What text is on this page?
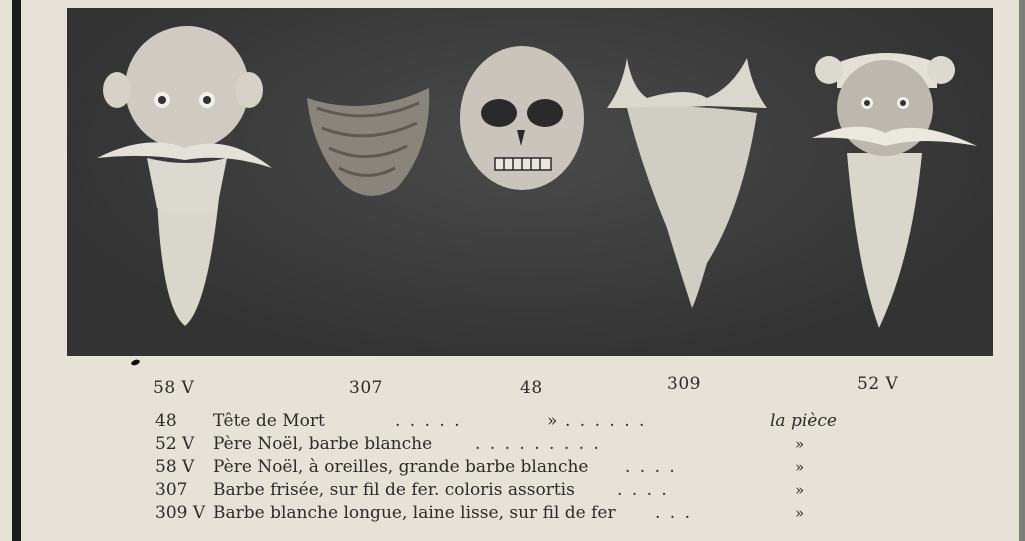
58 V	307	48	309	52 V
48	Tête de Mort	. . . . .	» . . . . . .	la pièce
52 V	Père Noël, barbe blanche	. . . . . . . . .	»
58 V	Père Noël, à oreilles, grande barbe blanche . . . .	»
307	Barbe frisée, sur fil de fer. coloris assortis . . . .	»
309 V Barbe blanche longue, laine lisse, sur fil de fer . . .	»
